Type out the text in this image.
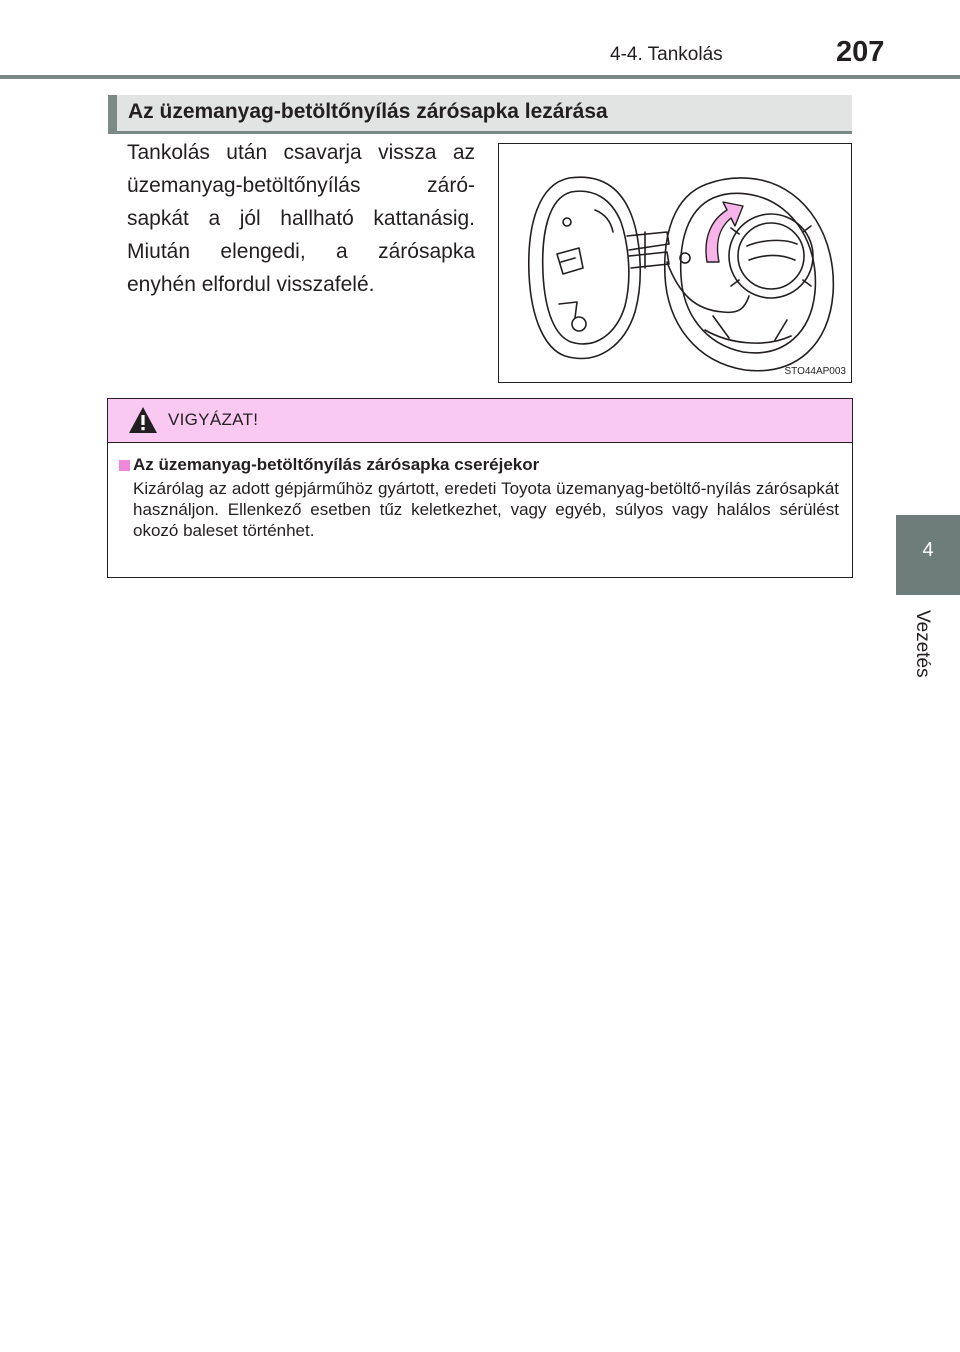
4-4. Tankolás	207
4
Vezetés
Az üzemanyag-betöltőnyílás zárósapka lezárása
Tankolás után csavarja vissza az üzemanyag-betöltőnyílás záró-sapkát a jól hallható kattanásig. Miután elengedi, a zárósapka enyhén elfordul visszafelé.
STO44AP003
VIGYÁZAT!
Az üzemanyag-betöltőnyílás zárósapka cseréjekor
Kizárólag az adott gépjárműhöz gyártott, eredeti Toyota üzemanyag-betöltő-nyílás zárósapkát használjon. Ellenkező esetben tűz keletkezhet, vagy egyéb, súlyos vagy halálos sérülést okozó baleset történhet.
